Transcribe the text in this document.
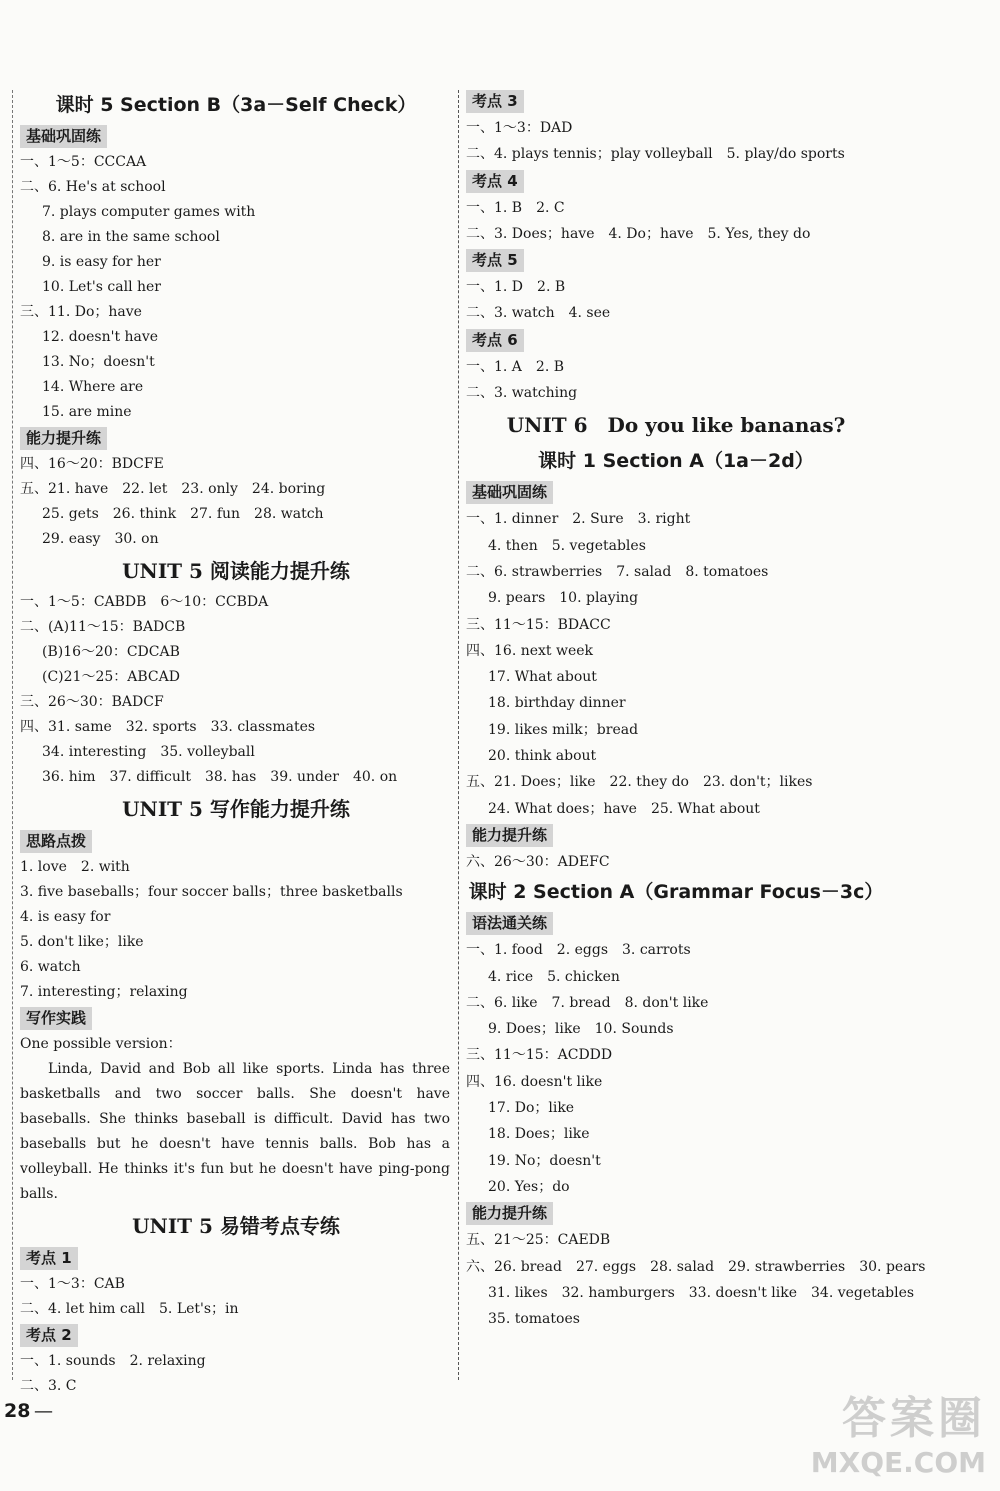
课时 5 Section B（3a－Self Check）
基础巩固练
一、1～5：CCCAA
二、6. He's at school
7. plays computer games with
8. are in the same school
9. is easy for her
10. Let's call her
三、11. Do；have
12. doesn't have
13. No；doesn't
14. Where are
15. are mine
能力提升练
四、16～20：BDCFE
五、21. have　22. let　23. only　24. boring
25. gets　26. think　27. fun　28. watch
29. easy　30. on
UNIT 5 阅读能力提升练
一、1～5：CABDB　6～10：CCBDA
二、(A)11～15：BADCB
(B)16～20：CDCAB
(C)21～25：ABCAD
三、26～30：BADCF
四、31. same　32. sports　33. classmates
34. interesting　35. volleyball
36. him　37. difficult　38. has　39. under　40. on
UNIT 5 写作能力提升练
思路点拨
1. love　2. with
3. five baseballs；four soccer balls；three basketballs
4. is easy for
5. don't like；like
6. watch
7. interesting；relaxing
写作实践
One possible version：
Linda, David and Bob all like sports. Linda has three basketballs and two soccer balls. She doesn't have baseballs. She thinks baseball is difficult. David has two baseballs but he doesn't have tennis balls. Bob has a volleyball. He thinks it's fun but he doesn't have ping-pong balls.
UNIT 5 易错考点专练
考点 1
一、1～3：CAB
二、4. let him call　5. Let's；in
考点 2
一、1. sounds　2. relaxing
二、3. C
考点 3
一、1～3：DAD
二、4. plays tennis；play volleyball　5. play/do sports
考点 4
一、1. B　2. C
二、3. Does；have　4. Do；have　5. Yes, they do
考点 5
一、1. D　2. B
二、3. watch　4. see
考点 6
一、1. A　2. B
二、3. watching
UNIT 6　Do you like bananas?
课时 1 Section A（1a－2d）
基础巩固练
一、1. dinner　2. Sure　3. right
4. then　5. vegetables
二、6. strawberries　7. salad　8. tomatoes
9. pears　10. playing
三、11～15：BDACC
四、16. next week
17. What about
18. birthday dinner
19. likes milk；bread
20. think about
五、21. Does；like　22. they do　23. don't；likes
24. What does；have　25. What about
能力提升练
六、26～30：ADEFC
课时 2 Section A（Grammar Focus－3c）
语法通关练
一、1. food　2. eggs　3. carrots
4. rice　5. chicken
二、6. like　7. bread　8. don't like
9. Does；like　10. Sounds
三、11～15：ACDDD
四、16. doesn't like
17. Do；like
18. Does；like
19. No；doesn't
20. Yes；do
能力提升练
五、21～25：CAEDB
六、26. bread　27. eggs　28. salad　29. strawberries　30. pears
31. likes　32. hamburgers　33. doesn't like　34. vegetables
35. tomatoes
28 —	答案圈
MXQE.COM
